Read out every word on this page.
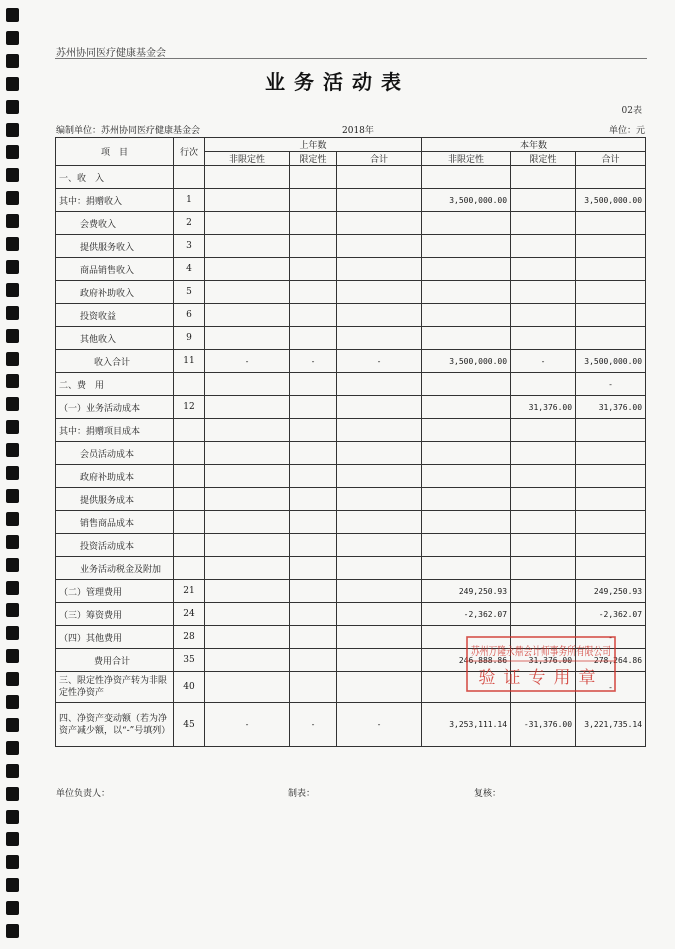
苏州协同医疗健康基金会
业务活动表
02表
编制单位：苏州协同医疗健康基金会	2018年	单位：元
项　目	行次	上年数			本年数		
		非限定性	限定性	合计	非限定性	限定性	合计
一、收　入							
其中：捐赠收入	1				3,500,000.00		3,500,000.00
会费收入	2						
提供服务收入	3						
商品销售收入	4						
政府补助收入	5						
投资收益	6						
其他收入	9						
收入合计	11	-	-	-	3,500,000.00	-	3,500,000.00
二、费　用							-
（一）业务活动成本	12					31,376.00	31,376.00
其中：捐赠项目成本							
会员活动成本							
政府补助成本							
提供服务成本							
销售商品成本							
投资活动成本							
业务活动税金及附加							
（二）管理费用	21				249,250.93		249,250.93
（三）筹资费用	24				-2,362.07		-2,362.07
（四）其他费用	28						-
费用合计	35				246,888.86	31,376.00	278,264.86
三、限定性净资产转为非限定性净资产	40						-
四、净资产变动额（若为净资产减少额，以“-”号填列）	45	-	-	-	3,253,111.14	-31,376.00	3,221,735.14
单位负责人：	制表：	复核：
苏州万隆永鼎会计师事务所有限公司
验证专用章
